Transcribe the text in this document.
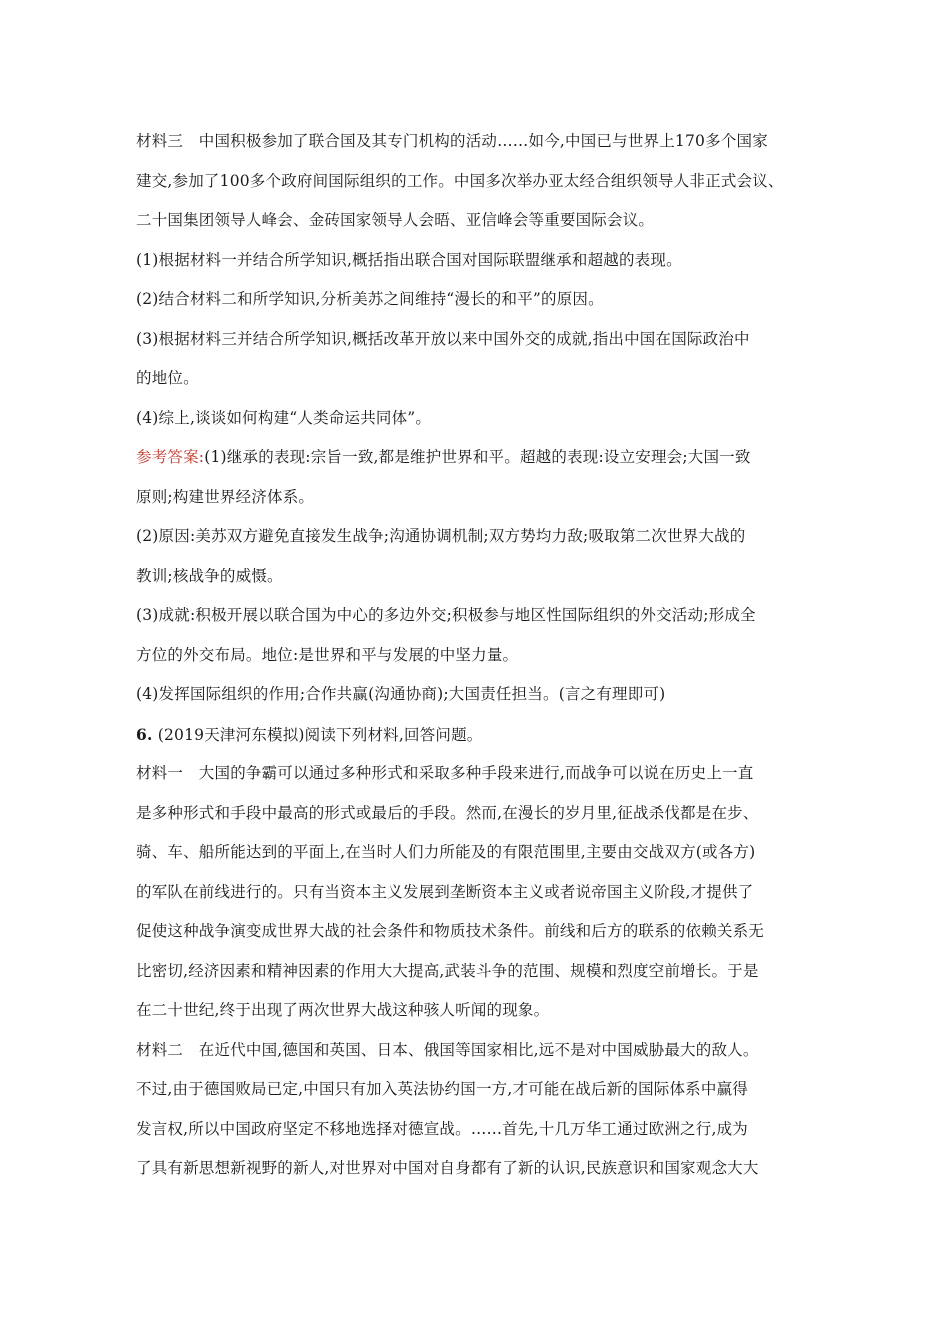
材料三　中国积极参加了联合国及其专门机构的活动……如今,中国已与世界上170多个国家
建交,参加了100多个政府间国际组织的工作。中国多次举办亚太经合组织领导人非正式会议、
二十国集团领导人峰会、金砖国家领导人会晤、亚信峰会等重要国际会议。
(1)根据材料一并结合所学知识,概括指出联合国对国际联盟继承和超越的表现。
(2)结合材料二和所学知识,分析美苏之间维持“漫长的和平”的原因。
(3)根据材料三并结合所学知识,概括改革开放以来中国外交的成就,指出中国在国际政治中
的地位。
(4)综上,谈谈如何构建“人类命运共同体”。
参考答案:(1)继承的表现:宗旨一致,都是维护世界和平。超越的表现:设立安理会;大国一致
原则;构建世界经济体系。
(2)原因:美苏双方避免直接发生战争;沟通协调机制;双方势均力敌;吸取第二次世界大战的
教训;核战争的威慑。
(3)成就:积极开展以联合国为中心的多边外交;积极参与地区性国际组织的外交活动;形成全
方位的外交布局。地位:是世界和平与发展的中坚力量。
(4)发挥国际组织的作用;合作共赢(沟通协商);大国责任担当。(言之有理即可)
6. (2019天津河东模拟)阅读下列材料,回答问题。
材料一　大国的争霸可以通过多种形式和采取多种手段来进行,而战争可以说在历史上一直
是多种形式和手段中最高的形式或最后的手段。然而,在漫长的岁月里,征战杀伐都是在步、
骑、车、船所能达到的平面上,在当时人们力所能及的有限范围里,主要由交战双方(或各方)
的军队在前线进行的。只有当资本主义发展到垄断资本主义或者说帝国主义阶段,才提供了
促使这种战争演变成世界大战的社会条件和物质技术条件。前线和后方的联系的依赖关系无
比密切,经济因素和精神因素的作用大大提高,武装斗争的范围、规模和烈度空前增长。于是
在二十世纪,终于出现了两次世界大战这种骇人听闻的现象。
材料二　在近代中国,德国和英国、日本、俄国等国家相比,远不是对中国威胁最大的敌人。
不过,由于德国败局已定,中国只有加入英法协约国一方,才可能在战后新的国际体系中赢得
发言权,所以中国政府坚定不移地选择对德宣战。……首先,十几万华工通过欧洲之行,成为
了具有新思想新视野的新人,对世界对中国对自身都有了新的认识,民族意识和国家观念大大
